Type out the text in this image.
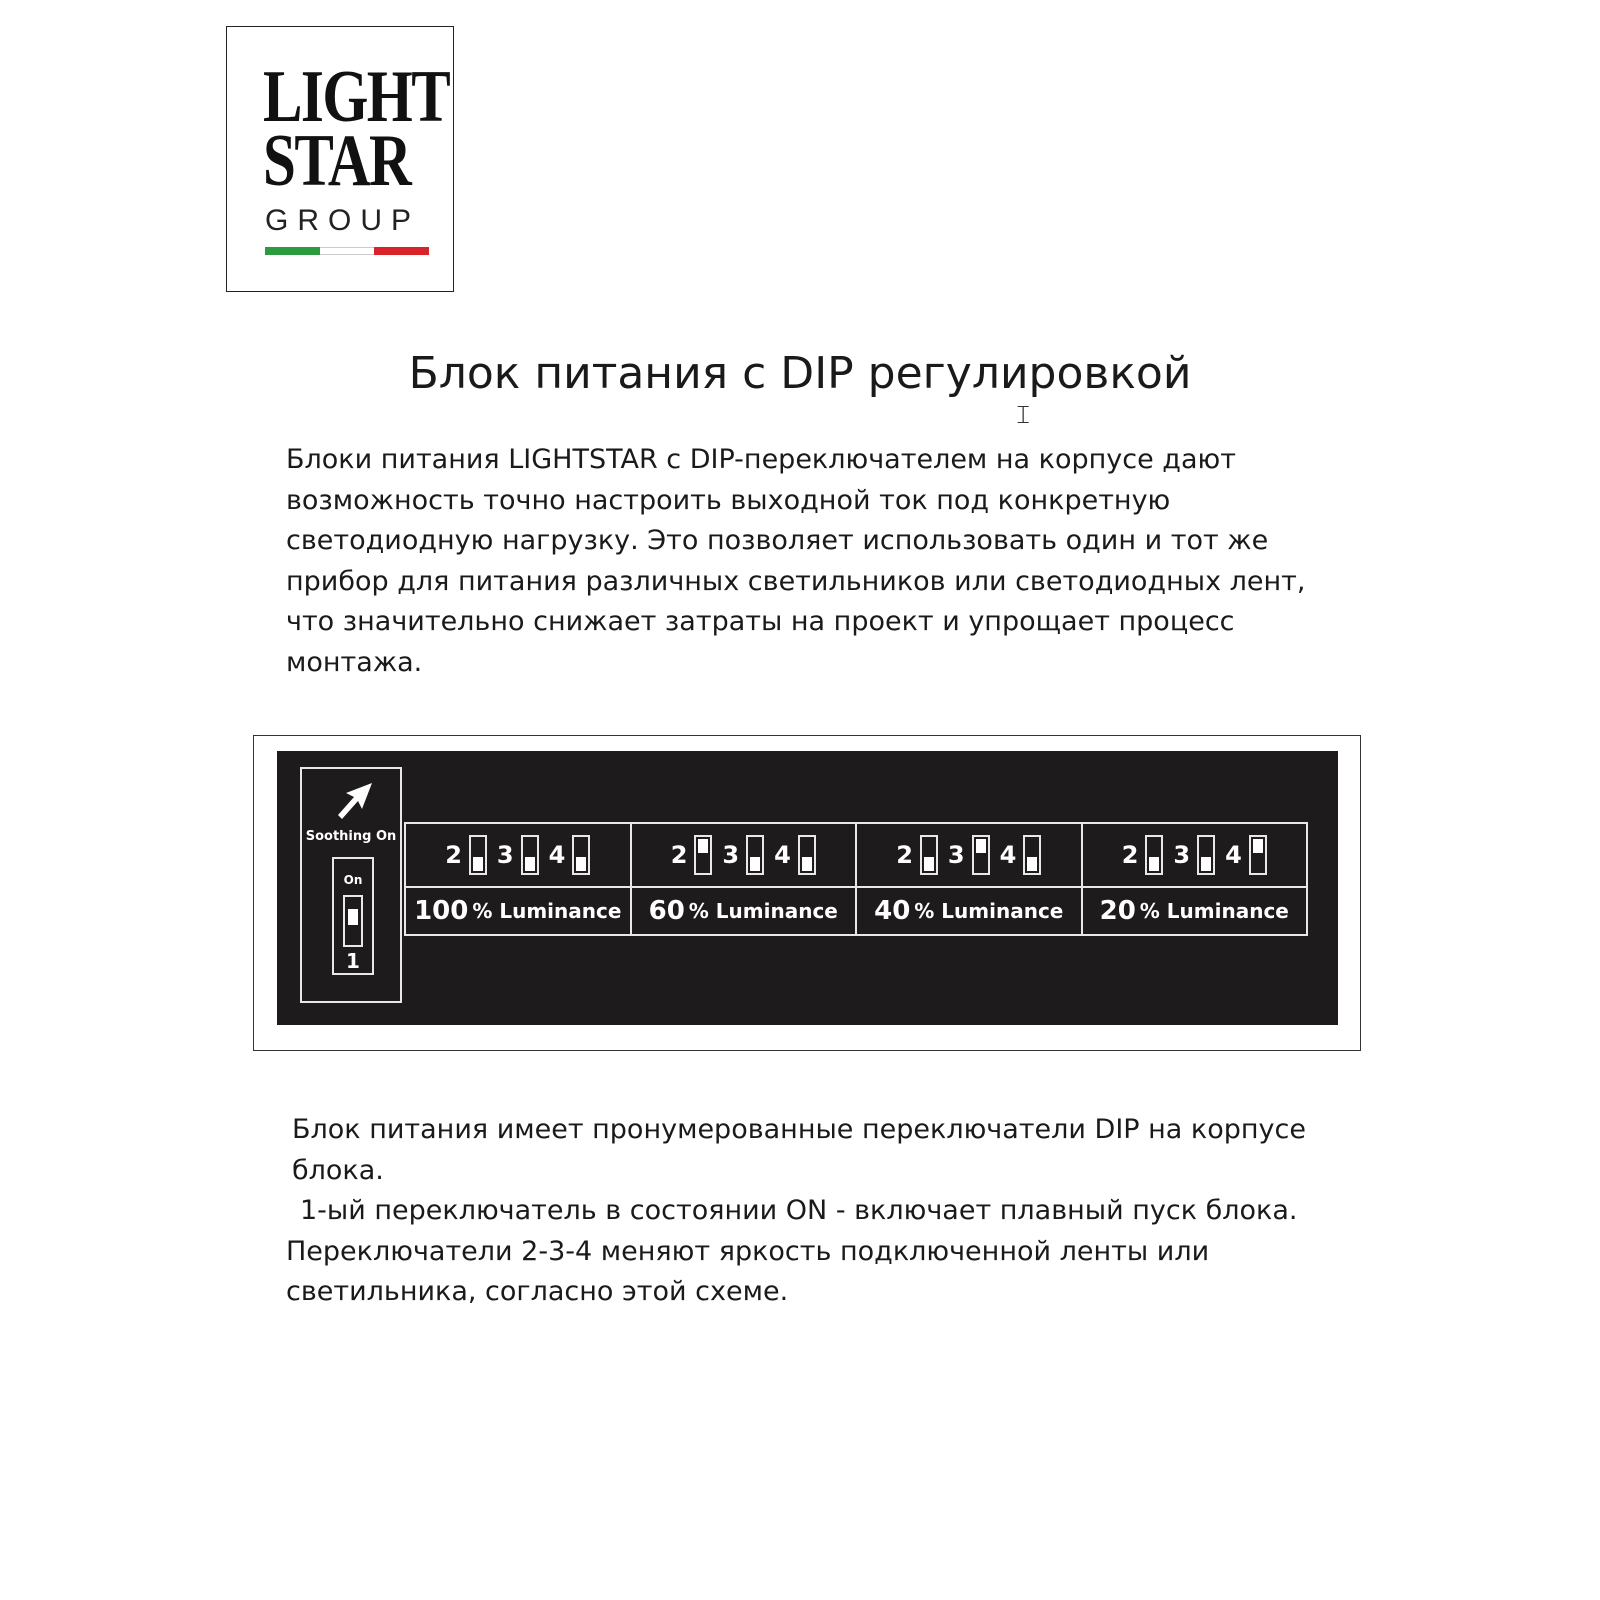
LIGHT
STAR
GROUP
Блок питания с DIP регулировкой
𝙸

Блоки питания LIGHTSTAR с DIP-переключателем на корпусе дают возможность точно настроить выходной ток под конкретную светодиодную нагрузку. Это позволяет использовать один и тот же прибор для питания различных светильников или светодиодных лент, что значительно снижает затраты на проект и упрощает процесс монтажа.

Soothing On
On
1
2 3 4
100 % Luminance
2 3 4
60 % Luminance
2 3 4
40 % Luminance
2 3 4
20 % Luminance
Блок питания имеет пронумерованные переключатели DIP на корпусе блока.
1-ый переключатель в состоянии ON - включает плавный пуск блока.
Переключатели 2-3-4 меняют яркость подключенной ленты или светильника, согласно этой схеме.
